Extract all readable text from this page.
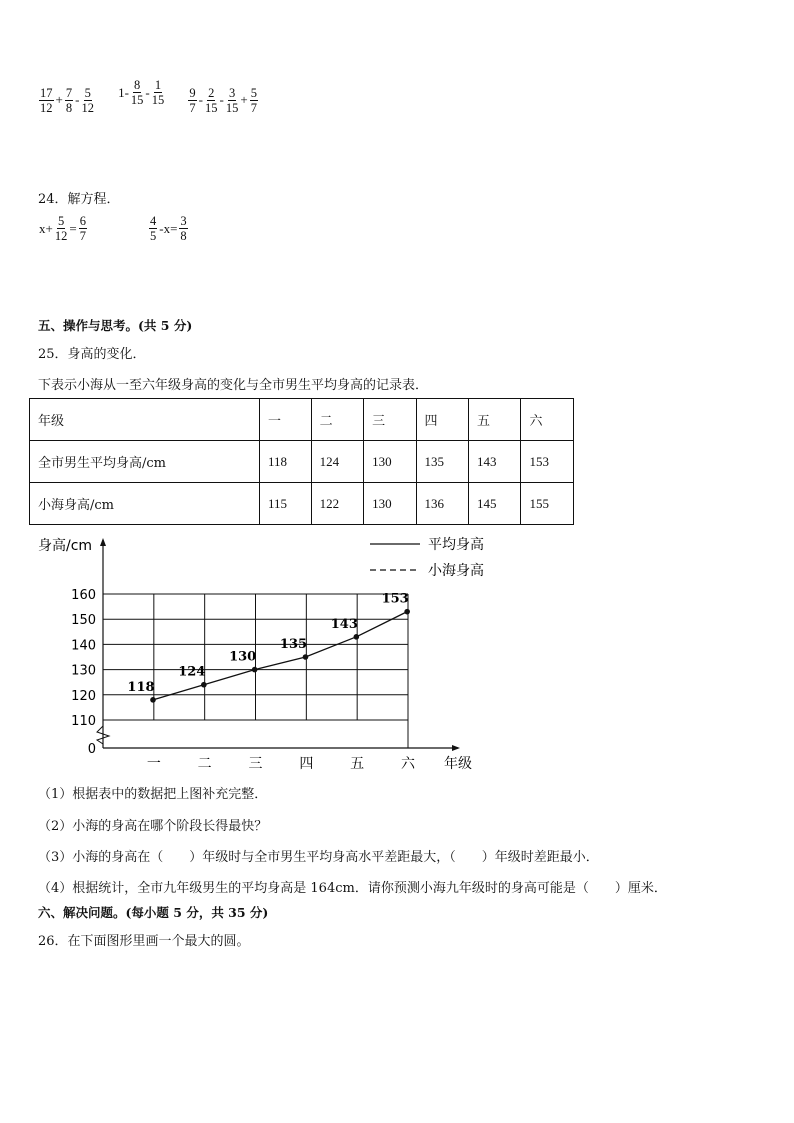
$\frac{17}{12} + \frac{7}{8} - \frac{5}{12}$
$1- \frac{8}{15} - \frac{1}{15}$
$\frac{9}{7} - \frac{2}{15} - \frac{3}{15} + \frac{5}{7}$
24．解方程．
$x+ \frac{5}{12} = \frac{6}{7}$	$\frac{4}{5} -x= \frac{3}{8}$
五、操作与思考。(共 5 分)
25．身高的变化．
下表示小海从一至六年级身高的变化与全市男生平均身高的记录表．
年级	一	二	三	四	五	六
全市男生平均身高/cm	118	124	130	135	143	153
小海身高/cm	115	122	130	136	145	155
身高/cm
160
150
140
130
120
110
0
一	二	三	四	五	六 年级
平均身高
小海身高
118
124
130
135
143
153
（1）根据表中的数据把上图补充完整．
（2）小海的身高在哪个阶段长得最快？
（3）小海的身高在（　　）年级时与全市男生平均身高水平差距最大，（　　）年级时差距最小．
（4）根据统计，全市九年级男生的平均身高是 164cm．请你预测小海九年级时的身高可能是（　　）厘米．
六、解决问题。(每小题 5 分，共 35 分)
26．在下面图形里画一个最大的圆。
